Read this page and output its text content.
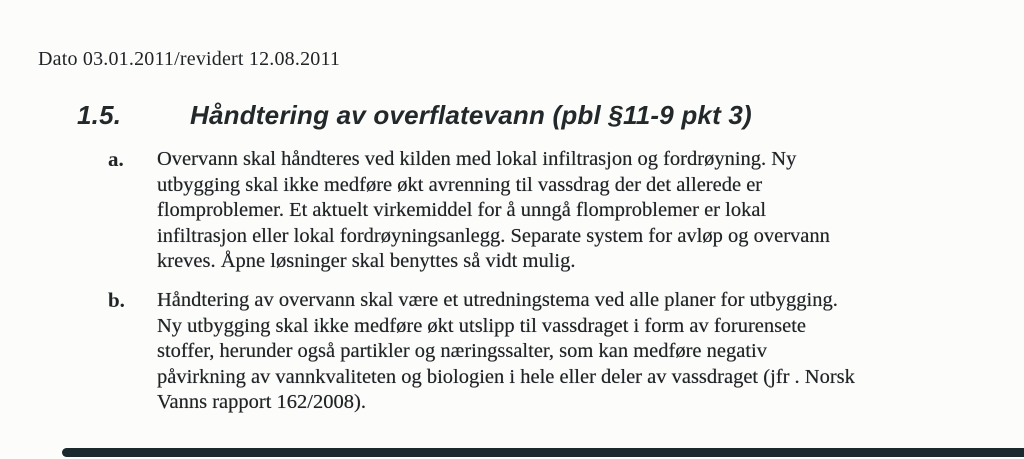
Dato 03.01.2011/revidert 12.08.2011
1.5.	Håndtering av overflatevann (pbl §11-9 pkt 3)
a.	Overvann skal håndteres ved kilden med lokal infiltrasjon og fordrøyning. Ny
utbygging skal ikke medføre økt avrenning til vassdrag der det allerede er
flomproblemer. Et aktuelt virkemiddel for å unngå flomproblemer er lokal
infiltrasjon eller lokal fordrøyningsanlegg. Separate system for avløp og overvann
kreves. Åpne løsninger skal benyttes så vidt mulig.
b.	Håndtering av overvann skal være et utredningstema ved alle planer for utbygging.
Ny utbygging skal ikke medføre økt utslipp til vassdraget i form av forurensete
stoffer, herunder også partikler og næringssalter, som kan medføre negativ
påvirkning av vannkvaliteten og biologien i hele eller deler av vassdraget (jfr . Norsk
Vanns rapport 162/2008).
